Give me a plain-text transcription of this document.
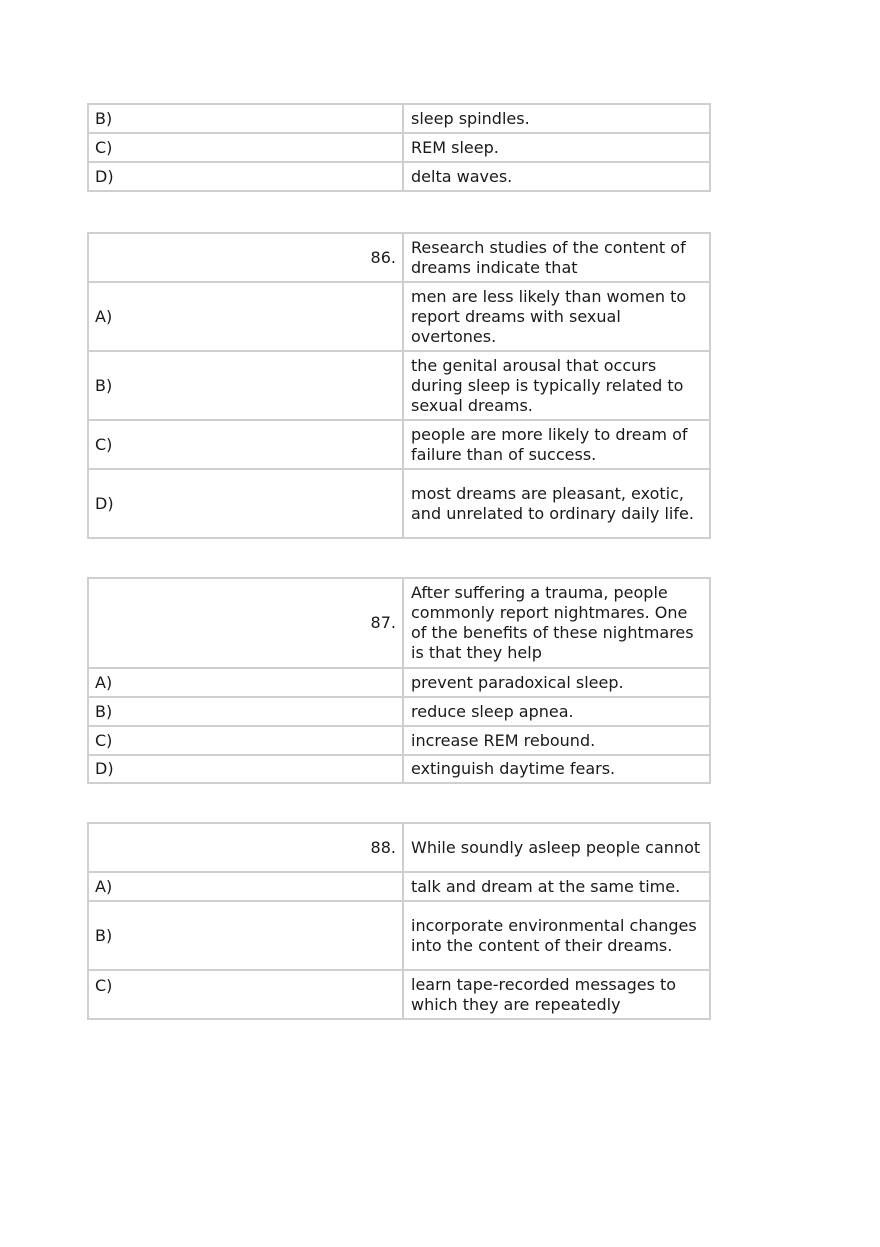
B)	sleep spindles.
C)	REM sleep.
D)	delta waves.
86.	Research studies of the content of dreams indicate that
A)	men are less likely than women to report dreams with sexual overtones.
B)	the genital arousal that occurs during sleep is typically related to sexual dreams.
C)	people are more likely to dream of failure than of success.
D)	most dreams are pleasant, exotic, and unrelated to ordinary daily life.
87.	After suffering a trauma, people commonly report nightmares. One of the benefits of these nightmares is that they help
A)	prevent paradoxical sleep.
B)	reduce sleep apnea.
C)	increase REM rebound.
D)	extinguish daytime fears.
88.	While soundly asleep people cannot
A)	talk and dream at the same time.
B)	incorporate environmental changes into the content of their dreams.
C)	learn tape-recorded messages to which they are repeatedly
